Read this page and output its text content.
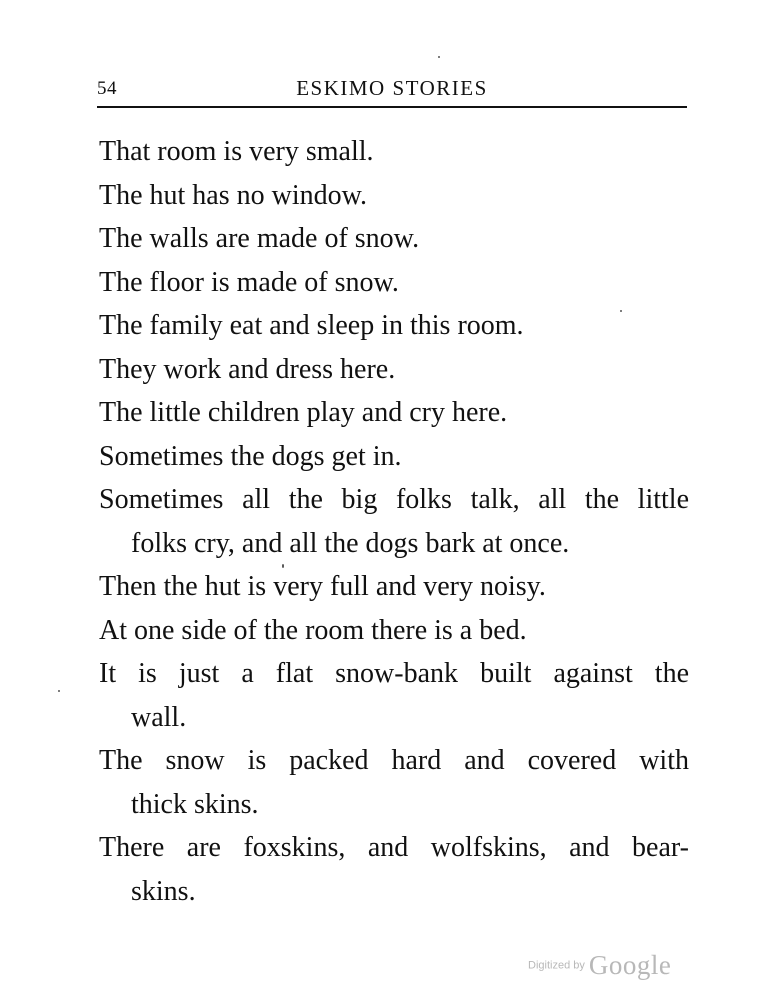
54	ESKIMO STORIES

That room is very small.

The hut has no window.

The walls are made of snow.

The floor is made of snow.

The family eat and sleep in this room.

They work and dress here.

The little children play and cry here.

Sometimes the dogs get in.

Sometimes all the big folks talk, all the little
folks cry, and all the dogs bark at once.

Then the hut is very full and very noisy.

At one side of the room there is a bed.

It is just a flat snow-bank built against the
wall.

The snow is packed hard and covered with
thick skins.

There are foxskins, and wolfskins, and bear-
skins.

Digitized by Google
